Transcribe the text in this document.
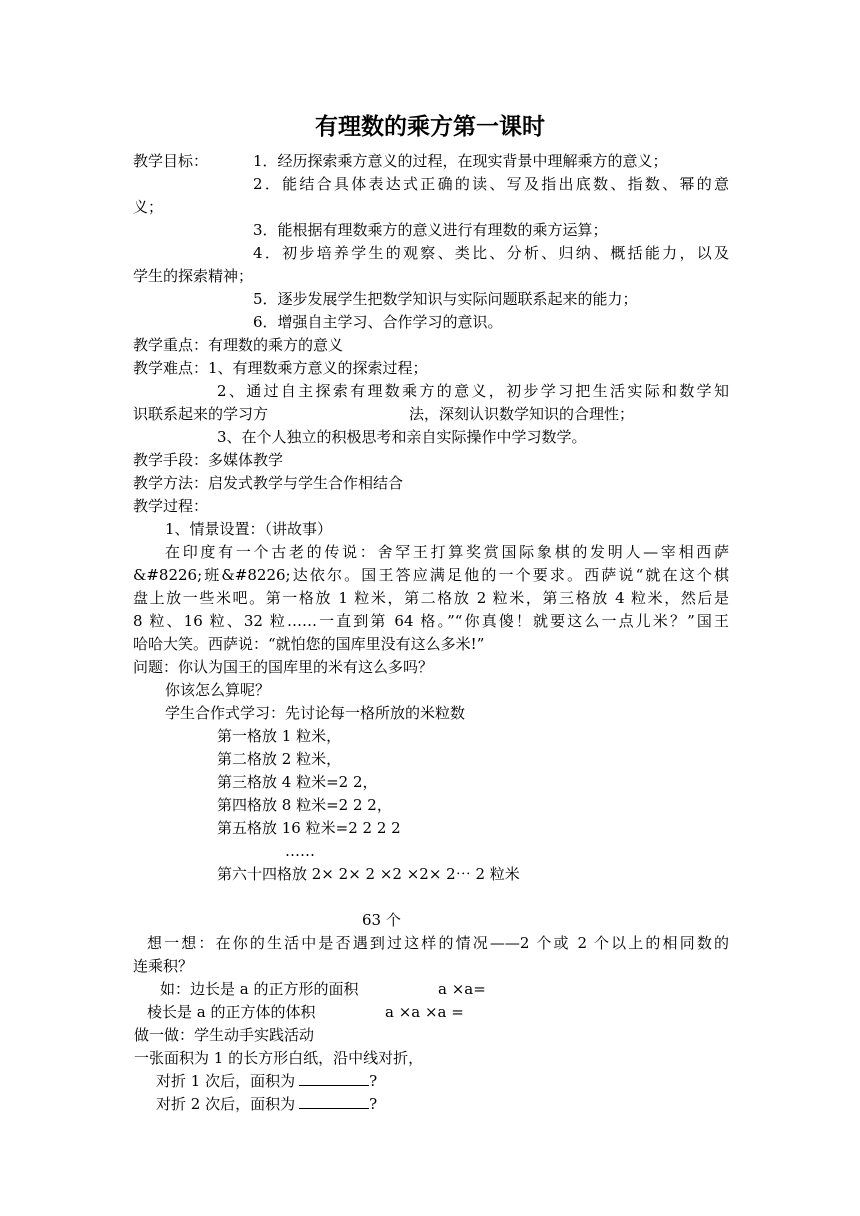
有理数的乘方第一课时
教学目标：	1．经历探索乘方意义的过程，在现实背景中理解乘方的意义；
2．能结合具体表达式正确的读、写及指出底数、指数、幂的意
义；
3．能根据有理数乘方的意义进行有理数的乘方运算；
4．初步培养学生的观察、类比、分析、归纳、概括能力，以及
学生的探索精神；
5．逐步发展学生把数学知识与实际问题联系起来的能力；
6．增强自主学习、合作学习的意识。
教学重点：有理数的乘方的意义
教学难点：1、有理数乘方意义的探索过程；
2、通过自主探索有理数乘方的意义，初步学习把生活实际和数学知
识联系起来的学习方	法，深刻认识数学知识的合理性；
3、在个人独立的积极思考和亲自实际操作中学习数学。
教学手段：多媒体教学
教学方法：启发式教学与学生合作相结合
教学过程：
1、情景设置：（讲故事）
在印度有一个古老的传说：舍罕王打算奖赏国际象棋的发明人—宰相西萨
&#8226;班&#8226;达依尔。国王答应满足他的一个要求。西萨说“就在这个棋
盘上放一些米吧。第一格放 1 粒米，第二格放 2 粒米，第三格放 4 粒米，然后是
8 粒、16 粒、32 粒……一直到第 64 格。”“你真傻！就要这么一点儿米？”国王
哈哈大笑。西萨说：“就怕您的国库里没有这么多米!”
问题：你认为国王的国库里的米有这么多吗？
你该怎么算呢？
学生合作式学习：先讨论每一格所放的米粒数
第一格放 1 粒米，
第二格放 2 粒米，
第三格放 4 粒米=2 2，
第四格放 8 粒米=2 2 2，
第五格放 16 粒米=2 2 2 2
……
第六十四格放 2× 2× 2 ×2 ×2× 2⋯ 2 粒米
63 个
想一想：在你的生活中是否遇到过这样的情况——2 个或 2 个以上的相同数的
连乘积？
如：边长是 a 的正方形的面积	a ×a=
棱长是 a 的正方体的体积	a ×a ×a =
做一做：学生动手实践活动
一张面积为 1 的长方形白纸，沿中线对折，
对折 1 次后，面积为	?
对折 2 次后，面积为	?
